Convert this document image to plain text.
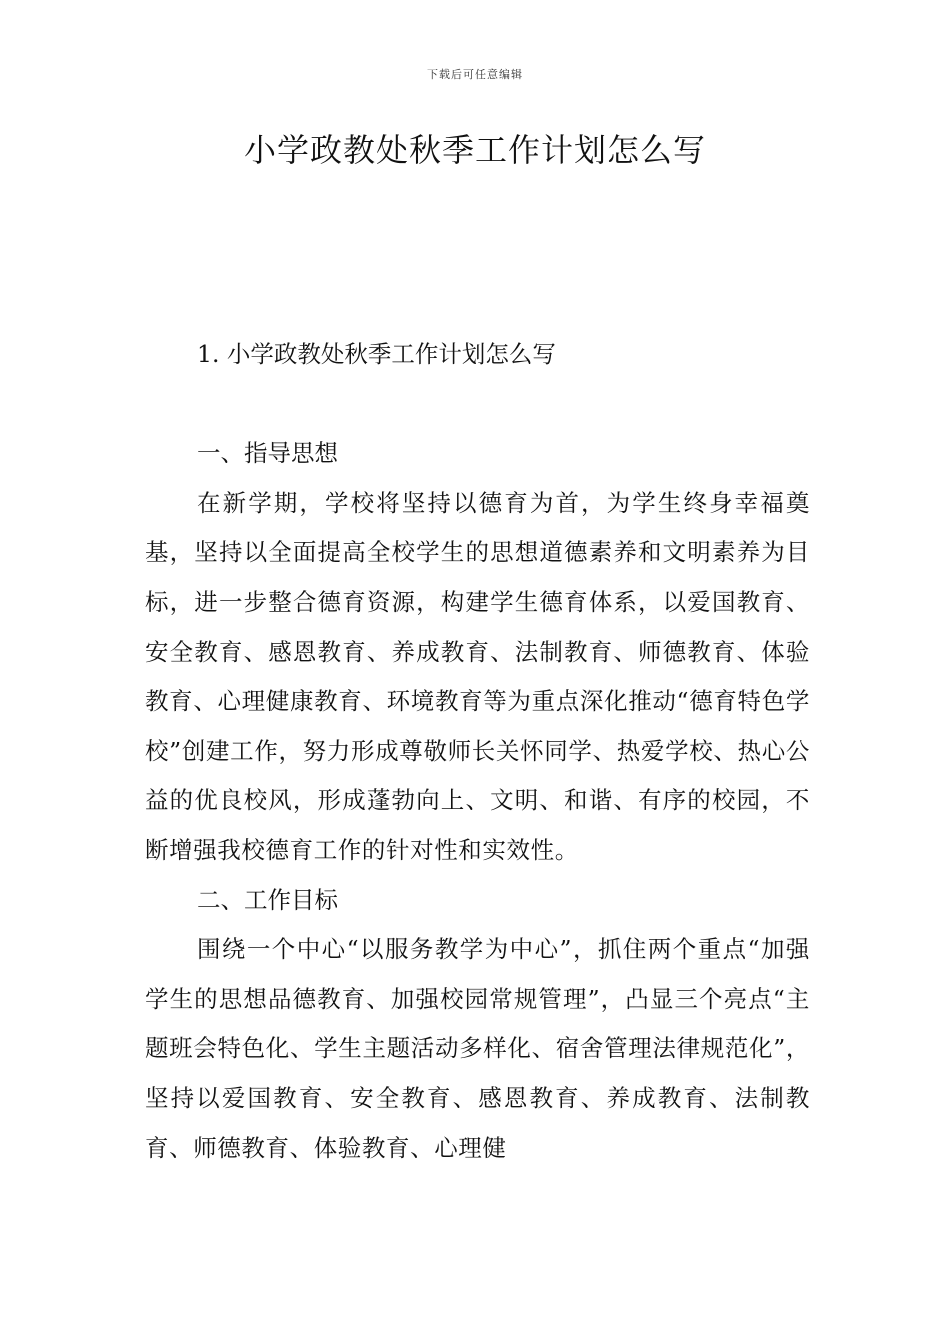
下载后可任意编辑
小学政教处秋季工作计划怎么写

1. 小学政教处秋季工作计划怎么写

一、指导思想

在新学期，学校将坚持以德育为首，为学生终身幸福奠基，坚持以全面提高全校学生的思想道德素养和文明素养为目标，进一步整合德育资源，构建学生德育体系，以爱国教育、安全教育、感恩教育、养成教育、法制教育、师德教育、体验教育、心理健康教育、环境教育等为重点深化推动“德育特色学校”创建工作，努力形成尊敬师长关怀同学、热爱学校、热心公益的优良校风，形成蓬勃向上、文明、和谐、有序的校园，不断增强我校德育工作的针对性和实效性。

二、工作目标

围绕一个中心“以服务教学为中心”，抓住两个重点“加强学生的思想品德教育、加强校园常规管理”，凸显三个亮点“主题班会特色化、学生主题活动多样化、宿舍管理法律规范化”，坚持以爱国教育、安全教育、感恩教育、养成教育、法制教育、师德教育、体验教育、心理健
